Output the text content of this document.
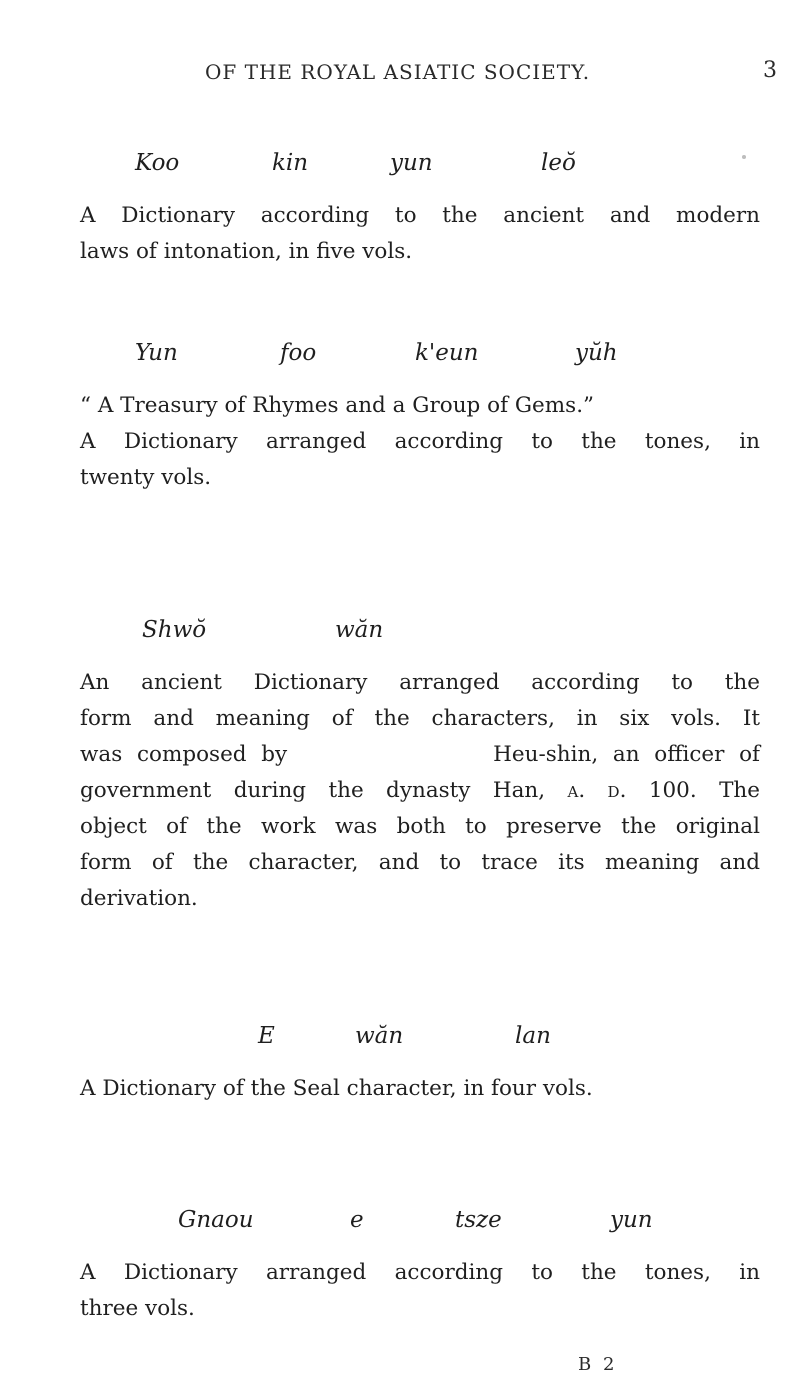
OF THE ROYAL ASIATIC SOCIETY.	3
Koo	kin	yun	leŏ
A Dictionary according to the ancient and modern
laws of intonation, in five vols.
Yun	foo	k'eun	yŭh
“ A Treasury of Rhymes and a Group of Gems.”
A Dictionary arranged according to the tones, in
twenty vols.
Shwŏ	wăn
An ancient Dictionary arranged according to the
form and meaning of the characters, in six vols. It
was composed by              Heu-shin, an officer of
government during the dynasty Han, a. d. 100. The
object of the work was both to preserve the original
form of the character, and to trace its meaning and
derivation.
E	wăn	lan
A Dictionary of the Seal character, in four vols.
Gnaou	e	tsze	yun
A Dictionary arranged according to the tones, in
three vols.
B 2
